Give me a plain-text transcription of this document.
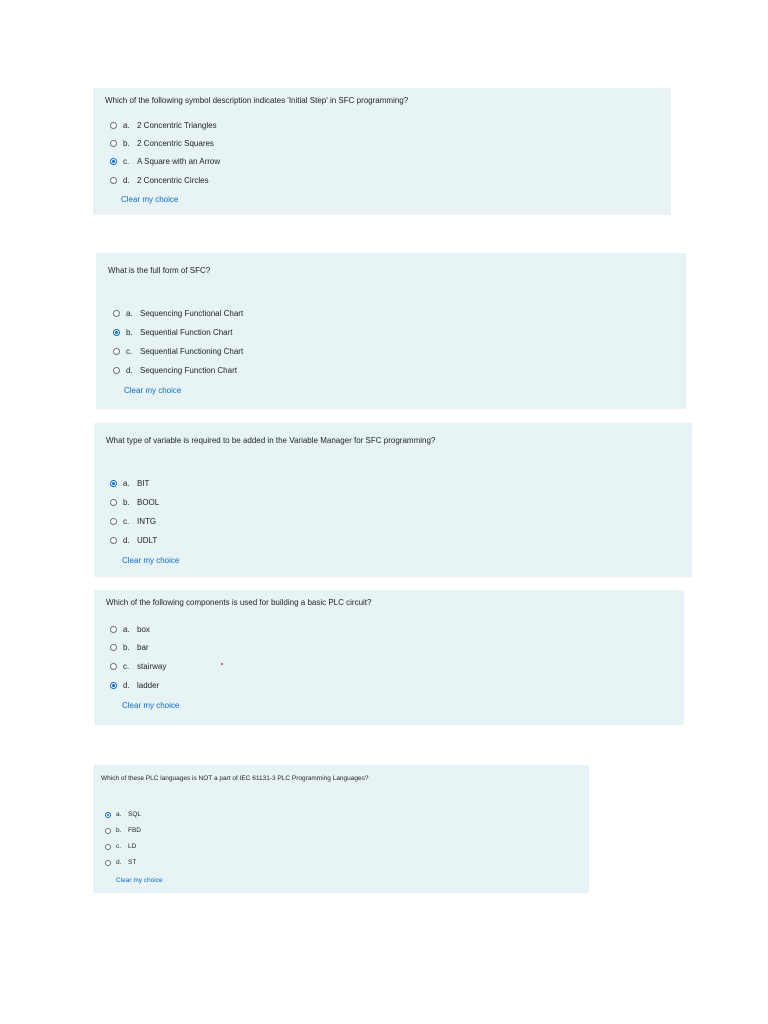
Which of the following symbol description indicates 'Initial Step' in SFC programming?
a. 2 Concentric Triangles
b. 2 Concentric Squares
c. A Square with an Arrow
d. 2 Concentric Circles
Clear my choice
What is the full form of SFC?
a. Sequencing Functional Chart
b. Sequential Function Chart
c. Sequential Functioning Chart
d. Sequencing Function Chart
Clear my choice
What type of variable is required to be added in the Variable Manager for SFC programming?
a. BIT
b. BOOL
c. INTG
d. UDLT
Clear my choice
Which of the following components is used for building a basic PLC circuit?
a. box
b. bar
c. stairway
d. ladder
Clear my choice
Which of these PLC languages is NOT a part of IEC 61131-3 PLC Programming Languages?
a.	SQL
b.	FBD
c.	LD
d.	ST
Clear my choice
